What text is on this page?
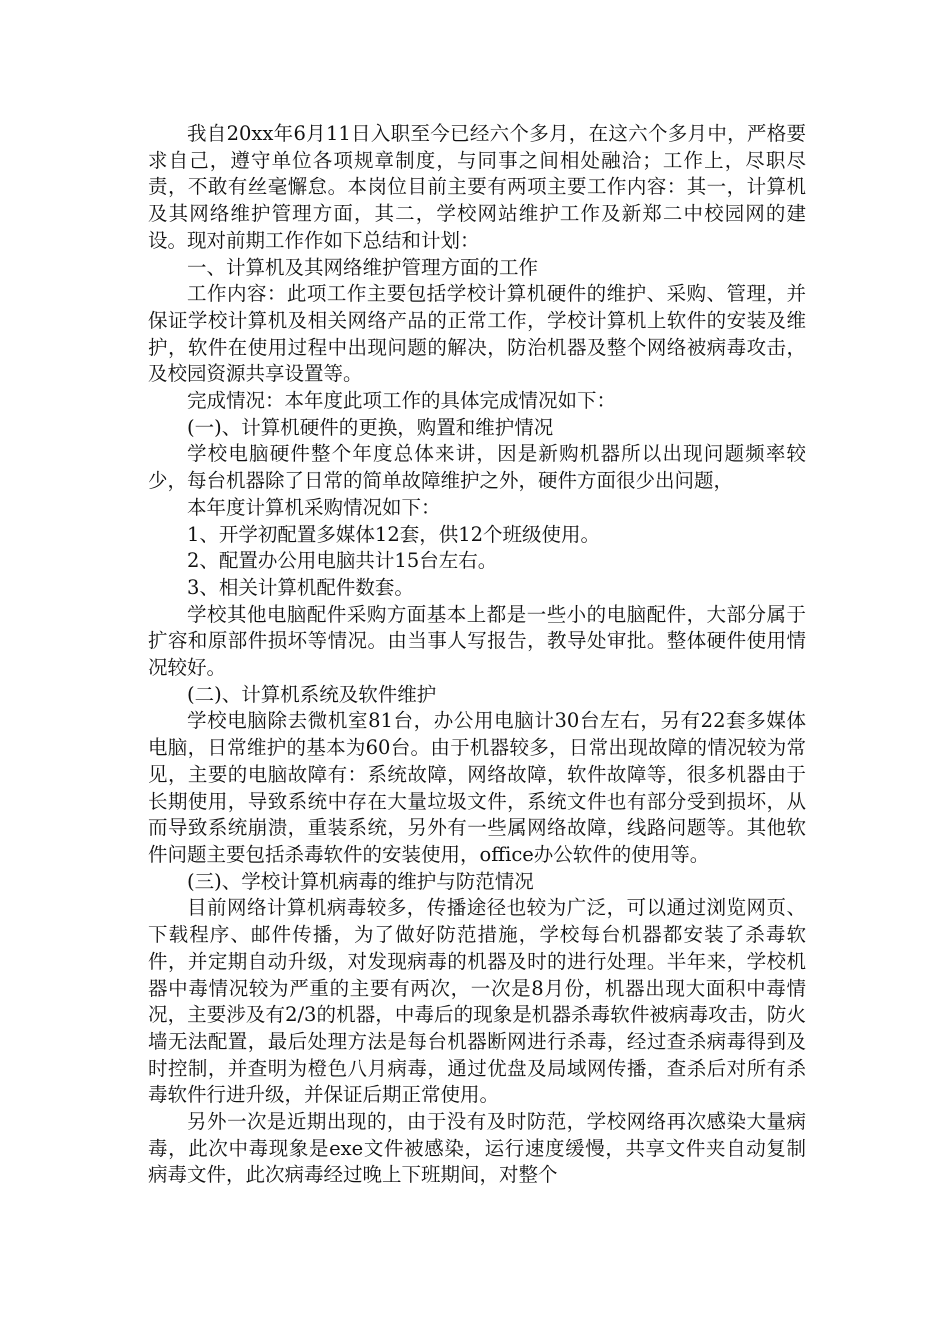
我自20xx年6月11日入职至今已经六个多月，在这六个多月中，严格要求自己，遵守单位各项规章制度，与同事之间相处融洽；工作上，尽职尽责，不敢有丝毫懈怠。本岗位目前主要有两项主要工作内容：其一，计算机及其网络维护管理方面，其二，学校网站维护工作及新郑二中校园网的建设。现对前期工作作如下总结和计划：

一、计算机及其网络维护管理方面的工作

工作内容：此项工作主要包括学校计算机硬件的维护、采购、管理，并保证学校计算机及相关网络产品的正常工作，学校计算机上软件的安装及维护，软件在使用过程中出现问题的解决，防治机器及整个网络被病毒攻击，及校园资源共享设置等。

完成情况：本年度此项工作的具体完成情况如下：

(一)、计算机硬件的更换，购置和维护情况

学校电脑硬件整个年度总体来讲，因是新购机器所以出现问题频率较少，每台机器除了日常的简单故障维护之外，硬件方面很少出问题，

本年度计算机采购情况如下：

1、开学初配置多媒体12套，供12个班级使用。

2、配置办公用电脑共计15台左右。

3、相关计算机配件数套。

学校其他电脑配件采购方面基本上都是一些小的电脑配件，大部分属于扩容和原部件损坏等情况。由当事人写报告，教导处审批。整体硬件使用情况较好。

(二)、计算机系统及软件维护

学校电脑除去微机室81台，办公用电脑计30台左右，另有22套多媒体电脑，日常维护的基本为60台。由于机器较多，日常出现故障的情况较为常见，主要的电脑故障有：系统故障，网络故障，软件故障等，很多机器由于长期使用，导致系统中存在大量垃圾文件，系统文件也有部分受到损坏，从而导致系统崩溃，重装系统，另外有一些属网络故障，线路问题等。其他软件问题主要包括杀毒软件的安装使用，office办公软件的使用等。

(三)、学校计算机病毒的维护与防范情况

目前网络计算机病毒较多，传播途径也较为广泛，可以通过浏览网页、下载程序、邮件传播，为了做好防范措施，学校每台机器都安装了杀毒软件，并定期自动升级，对发现病毒的机器及时的进行处理。半年来，学校机器中毒情况较为严重的主要有两次，一次是8月份，机器出现大面积中毒情况，主要涉及有2/3的机器，中毒后的现象是机器杀毒软件被病毒攻击，防火墙无法配置，最后处理方法是每台机器断网进行杀毒，经过查杀病毒得到及时控制，并查明为橙色八月病毒，通过优盘及局域网传播，查杀后对所有杀毒软件行进升级，并保证后期正常使用。

另外一次是近期出现的，由于没有及时防范，学校网络再次感染大量病毒，此次中毒现象是exe文件被感染，运行速度缓慢，共享文件夹自动复制病毒文件，此次病毒经过晚上下班期间，对整个
